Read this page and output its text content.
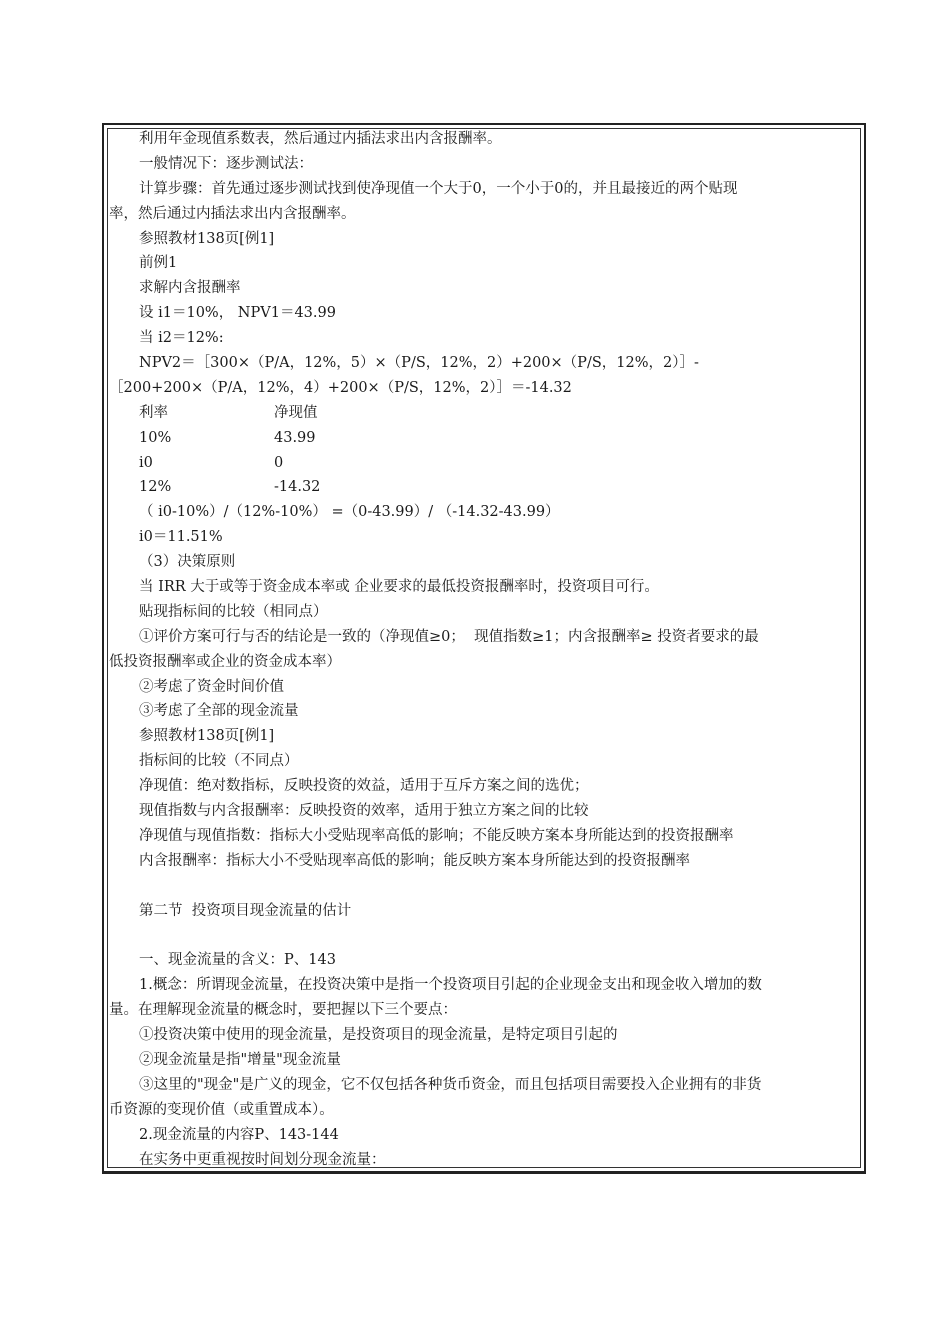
利用年金现值系数表，然后通过内插法求出内含报酬率。
一般情况下：逐步测试法：
计算步骤：首先通过逐步测试找到使净现值一个大于0，一个小于0的，并且最接近的两个贴现
率，然后通过内插法求出内含报酬率。
参照教材138页[例1]
前例1
求解内含报酬率
设 i1＝10%， NPV1＝43.99
当 i2＝12%:
NPV2＝［300×（P/A，12%，5）×（P/S，12%，2）+200×（P/S，12%，2）］-
［200+200×（P/A，12%，4）+200×（P/S，12%，2）］＝-14.32
利率	净现值
10%	43.99
i0	0
12%	-14.32
（ i0-10%）/（12%-10%） =（0-43.99）/ （-14.32-43.99）
i0＝11.51%
（3）决策原则
当 IRR 大于或等于资金成本率或 企业要求的最低投资报酬率时，投资项目可行。
贴现指标间的比较（相同点）
①评价方案可行与否的结论是一致的（净现值≥0；  现值指数≥1；内含报酬率≥ 投资者要求的最
低投资报酬率或企业的资金成本率）
②考虑了资金时间价值
③考虑了全部的现金流量
参照教材138页[例1]
指标间的比较（不同点）
净现值：绝对数指标，反映投资的效益，适用于互斥方案之间的选优；
现值指数与内含报酬率：反映投资的效率，适用于独立方案之间的比较
净现值与现值指数：指标大小受贴现率高低的影响；不能反映方案本身所能达到的投资报酬率
内含报酬率：指标大小不受贴现率高低的影响；能反映方案本身所能达到的投资报酬率
第二节  投资项目现金流量的估计
一、现金流量的含义：P、143
1.概念：所谓现金流量，在投资决策中是指一个投资项目引起的企业现金支出和现金收入增加的数
量。在理解现金流量的概念时，要把握以下三个要点：
①投资决策中使用的现金流量，是投资项目的现金流量，是特定项目引起的
②现金流量是指"增量"现金流量
③这里的"现金"是广义的现金，它不仅包括各种货币资金，而且包括项目需要投入企业拥有的非货
币资源的变现价值（或重置成本）。
2.现金流量的内容P、143-144
在实务中更重视按时间划分现金流量：
